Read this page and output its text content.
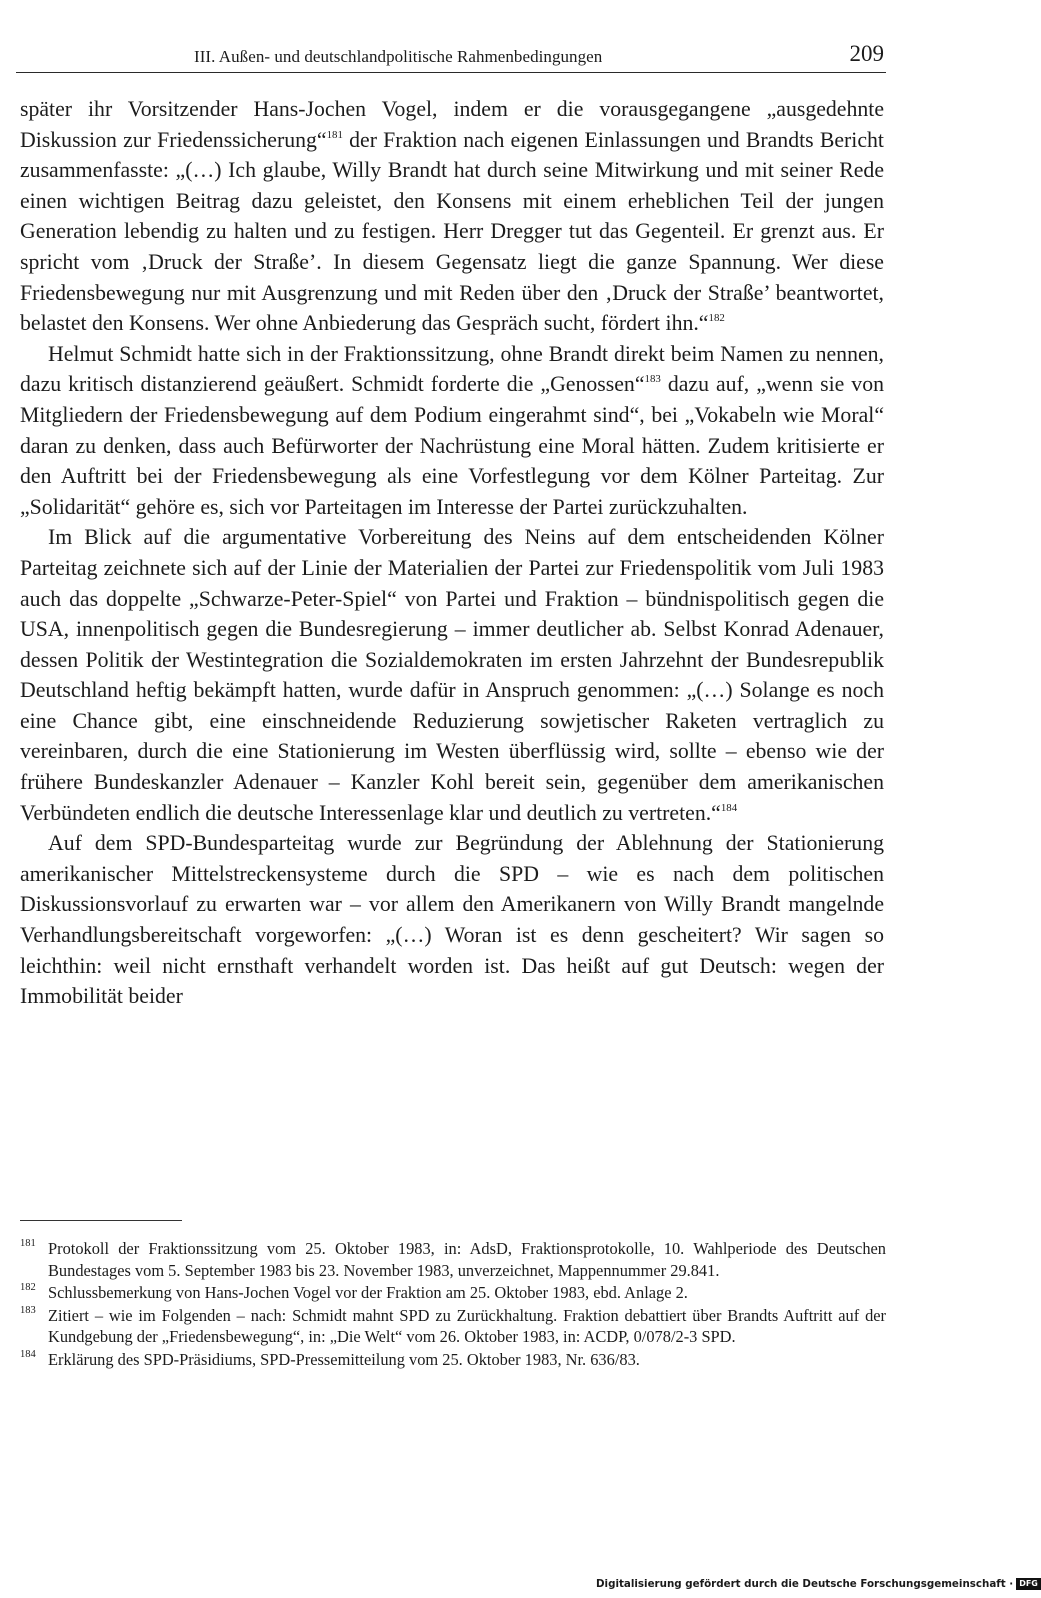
III. Außen- und deutschlandpolitische Rahmenbedingungen	209

später ihr Vorsitzender Hans-Jochen Vogel, indem er die vorausgegangene „ausgedehnte Diskussion zur Friedenssicherung“$^{181}$ der Fraktion nach eigenen Einlassungen und Brandts Bericht zusammenfasste: „(…) Ich glaube, Willy Brandt hat durch seine Mitwirkung und mit seiner Rede einen wichtigen Beitrag dazu geleistet, den Konsens mit einem erheblichen Teil der jungen Generation lebendig zu halten und zu festigen. Herr Dregger tut das Gegenteil. Er grenzt aus. Er spricht vom ‚Druck der Straße’. In diesem Gegensatz liegt die ganze Spannung. Wer diese Friedensbewegung nur mit Ausgrenzung und mit Reden über den ‚Druck der Straße’ beantwortet, belastet den Konsens. Wer ohne Anbiederung das Gespräch sucht, fördert ihn.“$^{182}$

Helmut Schmidt hatte sich in der Fraktionssitzung, ohne Brandt direkt beim Namen zu nennen, dazu kritisch distanzierend geäußert. Schmidt forderte die „Genossen“$^{183}$ dazu auf, „wenn sie von Mitgliedern der Friedensbewegung auf dem Podium eingerahmt sind“, bei „Vokabeln wie Moral“ daran zu denken, dass auch Befürworter der Nachrüstung eine Moral hätten. Zudem kritisierte er den Auftritt bei der Friedensbewegung als eine Vorfestlegung vor dem Kölner Parteitag. Zur „Solidarität“ gehöre es, sich vor Parteitagen im Interesse der Partei zurückzuhalten.

Im Blick auf die argumentative Vorbereitung des Neins auf dem entscheidenden Kölner Parteitag zeichnete sich auf der Linie der Materialien der Partei zur Friedenspolitik vom Juli 1983 auch das doppelte „Schwarze-Peter-Spiel“ von Partei und Fraktion – bündnispolitisch gegen die USA, innenpolitisch gegen die Bundesregierung – immer deutlicher ab. Selbst Konrad Adenauer, dessen Politik der Westintegration die Sozialdemokraten im ersten Jahrzehnt der Bundesrepublik Deutschland heftig bekämpft hatten, wurde dafür in Anspruch genommen: „(…) Solange es noch eine Chance gibt, eine einschneidende Reduzierung sowjetischer Raketen vertraglich zu vereinbaren, durch die eine Stationierung im Westen überflüssig wird, sollte – ebenso wie der frühere Bundeskanzler Adenauer – Kanzler Kohl bereit sein, gegenüber dem amerikanischen Verbündeten endlich die deutsche Interessenlage klar und deutlich zu vertreten.“$^{184}$

Auf dem SPD-Bundesparteitag wurde zur Begründung der Ablehnung der Stationierung amerikanischer Mittelstreckensysteme durch die SPD – wie es nach dem politischen Diskussionsvorlauf zu erwarten war – vor allem den Amerikanern von Willy Brandt mangelnde Verhandlungsbereitschaft vorgeworfen: „(…) Woran ist es denn gescheitert? Wir sagen so leichthin: weil nicht ernsthaft verhandelt worden ist. Das heißt auf gut Deutsch: wegen der Immobilität beider

181 Protokoll der Fraktionssitzung vom 25. Oktober 1983, in: AdsD, Fraktionsprotokolle, 10. Wahlperiode des Deutschen Bundestages vom 5. September 1983 bis 23. November 1983, unverzeichnet, Mappennummer 29.841.
182 Schlussbemerkung von Hans-Jochen Vogel vor der Fraktion am 25. Oktober 1983, ebd. Anlage 2.
183 Zitiert – wie im Folgenden – nach: Schmidt mahnt SPD zu Zurückhaltung. Fraktion debattiert über Brandts Auftritt auf der Kundgebung der „Friedensbewegung“, in: „Die Welt“ vom 26. Oktober 1983, in: ACDP, 0/078/2-3 SPD.
184 Erklärung des SPD-Präsidiums, SPD-Pressemitteilung vom 25. Oktober 1983, Nr. 636/83.
Digitalisierung gefördert durch die Deutsche Forschungsgemeinschaft · DFG
